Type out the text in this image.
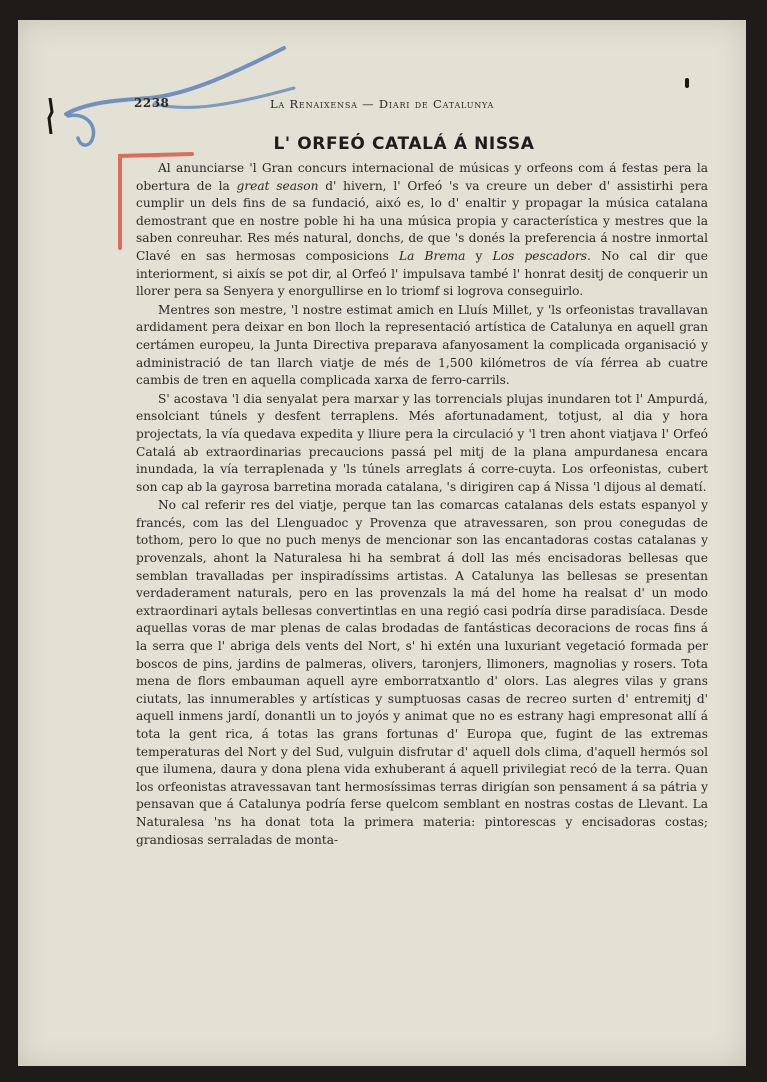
2238	La Renaixensa — Diari de Catalunya
L' ORFEÓ CATALÁ Á NISSA

Al anunciarse 'l Gran concurs internacional de músicas y orfeons com á festas pera la obertura de la great season d' hivern, l' Orfeó 's va creure un deber d' assistirhi pera cumplir un dels fins de sa fundació, aixó es, lo d' enaltir y propagar la música catalana demostrant que en nostre poble hi ha una música propia y característica y mestres que la saben conreuhar. Res més natural, donchs, de que 's donés la preferencia á nostre inmortal Clavé en sas hermosas composicions La Brema y Los pescadors. No cal dir que interiorment, si aixís se pot dir, al Orfeó l' impulsava també l' honrat desitj de conquerir un llorer pera sa Senyera y enorgullirse en lo triomf si logrova conseguirlo.

Mentres son mestre, 'l nostre estimat amich en Lluís Millet, y 'ls orfeonistas travallavan ardidament pera deixar en bon lloch la representació artística de Catalunya en aquell gran certámen europeu, la Junta Directiva preparava afanyosament la complicada organisació y administració de tan llarch viatje de més de 1,500 kilómetros de vía férrea ab cuatre cambis de tren en aquella complicada xarxa de ferro-carrils.

S' acostava 'l dia senyalat pera marxar y las torrencials plujas inundaren tot l' Ampurdá, ensolciant túnels y desfent terraplens. Més afortunadament, totjust, al dia y hora projectats, la vía quedava expedita y lliure pera la circulació y 'l tren ahont viatjava l' Orfeó Catalá ab extraordinarias precaucions passá pel mitj de la plana ampurdanesa encara inundada, la vía terraplenada y 'ls túnels arreglats á corre-cuyta. Los orfeonistas, cubert son cap ab la gayrosa barretina morada catalana, 's dirigiren cap á Nissa 'l dijous al dematí.

No cal referir res del viatje, perque tan las comarcas catalanas dels estats espanyol y francés, com las del Llenguadoc y Provenza que atravessaren, son prou conegudas de tothom, pero lo que no puch menys de mencionar son las encantadoras costas catalanas y provenzals, ahont la Naturalesa hi ha sembrat á doll las més encisadoras bellesas que semblan travalladas per inspiradíssims artistas. A Catalunya las bellesas se presentan verdaderament naturals, pero en las provenzals la má del home ha realsat d' un modo extraordinari aytals bellesas convertintlas en una regió casi podría dirse paradisíaca. Desde aquellas voras de mar plenas de calas brodadas de fantásticas decoracions de rocas fins á la serra que l' abriga dels vents del Nort, s' hi extén una luxuriant vegetació formada per boscos de pins, jardins de palmeras, olivers, taronjers, llimoners, magnolias y rosers. Tota mena de flors embauman aquell ayre emborratxantlo d' olors. Las alegres vilas y grans ciutats, las innumerables y artísticas y sumptuosas casas de recreo surten d' entremitj d' aquell inmens jardí, donantli un to joyós y animat que no es estrany hagi empresonat allí á tota la gent rica, á totas las grans fortunas d' Europa que, fugint de las extremas temperaturas del Nort y del Sud, vulguin disfrutar d' aquell dols clima, d'aquell hermós sol que ilumena, daura y dona plena vida exhuberant á aquell privilegiat recó de la terra. Quan los orfeonistas atravessavan tant hermosíssimas terras dirigían son pensament á sa pátria y pensavan que á Catalunya podría ferse quelcom semblant en nostras costas de Llevant. La Naturalesa 'ns ha donat tota la primera materia: pintorescas y encisadoras costas; grandiosas serraladas de monta-
